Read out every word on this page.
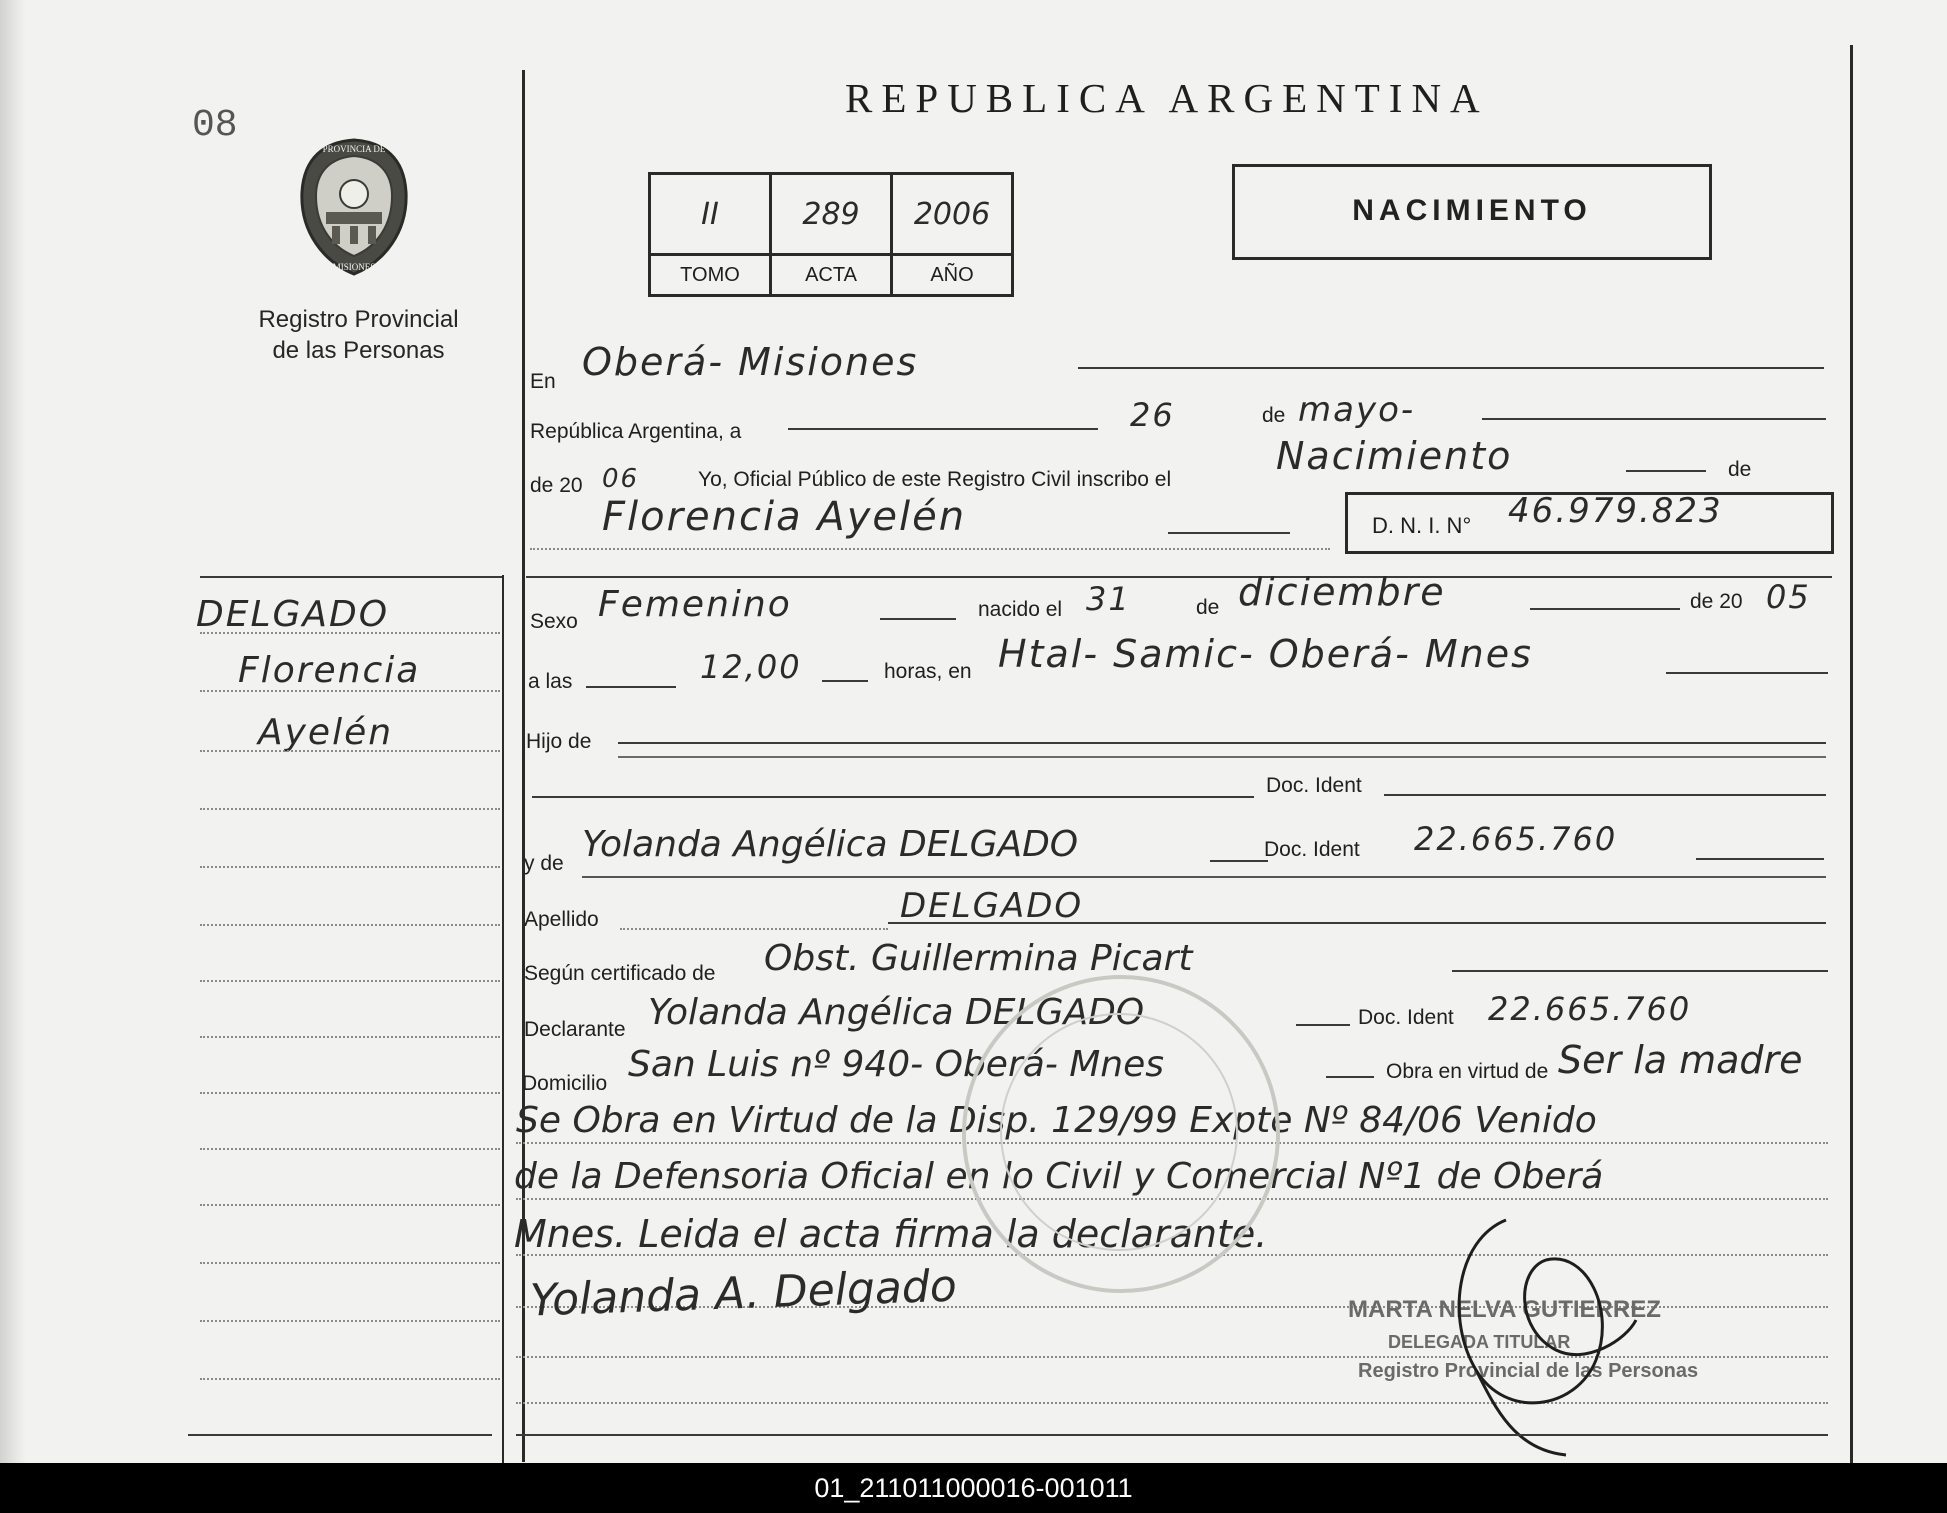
08
PROVINCIA DE
MISIONES
Registro Provincial
de las Personas
REPUBLICA ARGENTINA
II	289	2006
TOMO	ACTA	AÑO
NACIMIENTO
DELGADO
Florencia
Ayelén
En Oberá- Misiones
República Argentina, a	26	de mayo-
de 20 06	Yo, Oficial Público de este Registro Civil inscribo el
Nacimiento	de
Florencia Ayelén	D. N. I. N° 46.979.823
Sexo Femenino	nacido el 31	de diciembre	de 20 05
a las	12,00	horas, en Htal- Samic- Oberá- Mnes
Hijo de
Doc. Ident
y de Yolanda Angélica DELGADO	Doc. Ident 22.665.760
Apellido	DELGADO
Según certificado de Obst. Guillermina Picart
Declarante Yolanda Angélica DELGADO	Doc. Ident 22.665.760
Domicilio San Luis nº 940- Oberá- Mnes	Obra en virtud de Ser la madre
Se Obra en Virtud de la Disp. 129/99 Expte Nº 84/06 Venido
de la Defensoria Oficial en lo Civil y Comercial Nº1 de Oberá
Mnes. Leida el acta firma la declarante.
Yolanda A. Delgado	MARTA NELVA GUTIERREZ
DELEGADA TITULAR
Registro Provincial de las Personas
01_211011000016-001011
